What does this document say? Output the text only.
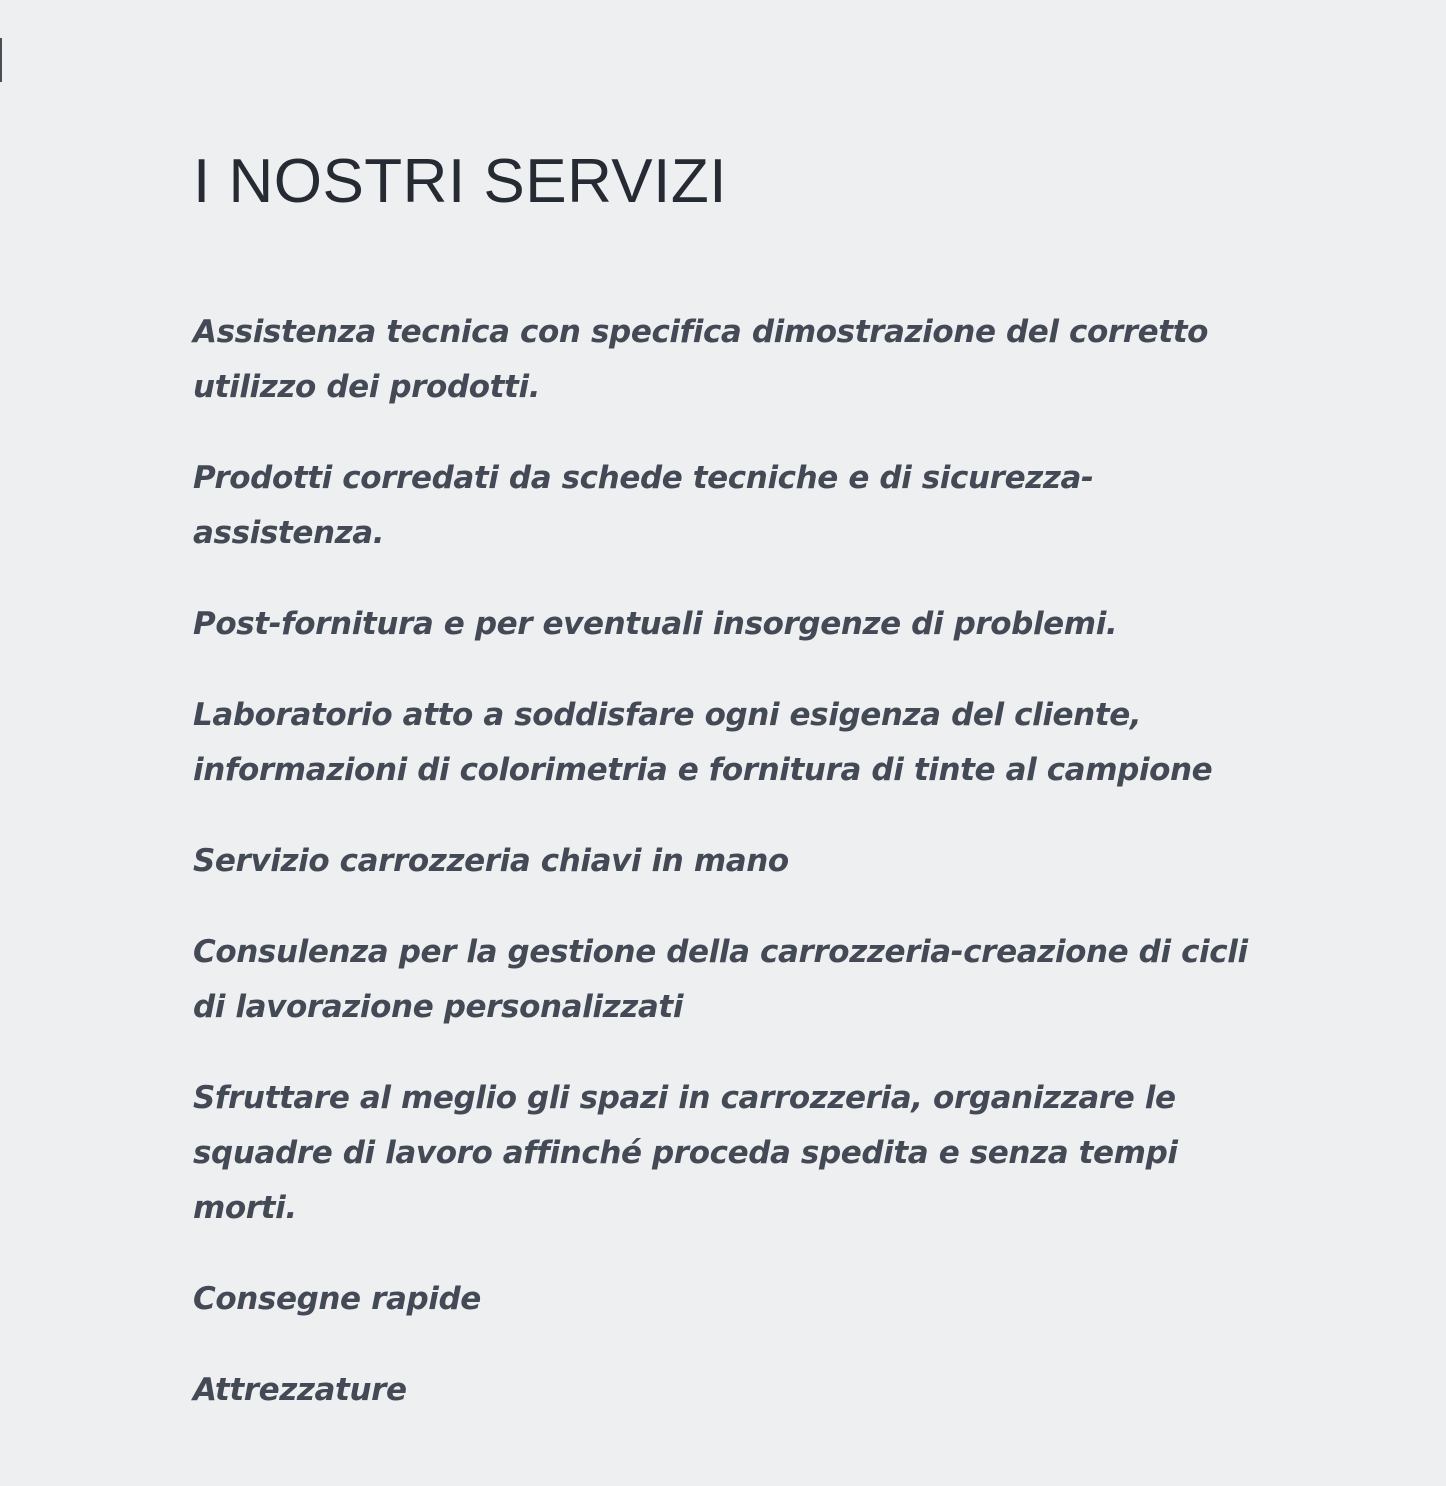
I NOSTRI SERVIZI

Assistenza tecnica con specifica dimostrazione del corretto utilizzo dei prodotti.

Prodotti corredati da schede tecniche e di sicurezza-assistenza.

Post-fornitura e per eventuali insorgenze di problemi.

Laboratorio atto a soddisfare ogni esigenza del cliente, informazioni di colorimetria e fornitura di tinte al campione

Servizio carrozzeria chiavi in mano

Consulenza per la gestione della carrozzeria-creazione di cicli di lavorazione personalizzati

Sfruttare al meglio gli spazi in carrozzeria, organizzare le squadre di lavoro affinché proceda spedita e senza tempi morti.

Consegne rapide

Attrezzature
